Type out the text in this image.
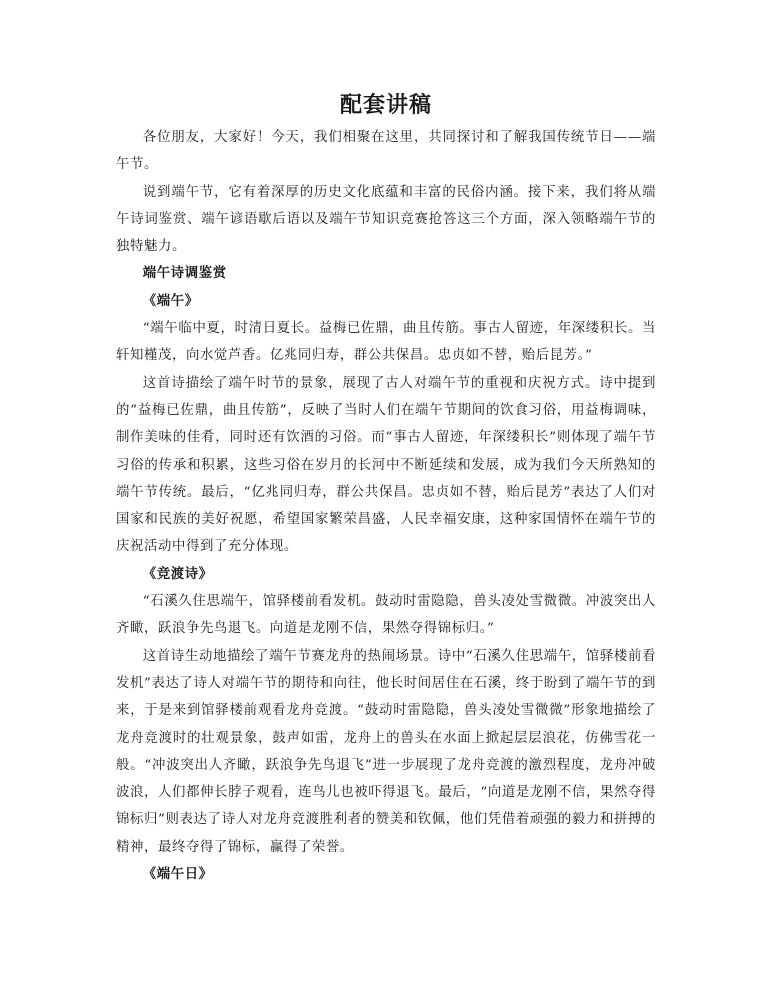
配套讲稿

各位朋友，大家好！今天，我们相聚在这里，共同探讨和了解我国传统节日——端午节。

说到端午节，它有着深厚的历史文化底蕴和丰富的民俗内涵。接下来，我们将从端午诗词鉴赏、端午谚语歇后语以及端午节知识竞赛抢答这三个方面，深入领略端午节的独特魅力。

端午诗调鉴赏

《端午》

“端午临中夏，时清日夏长。益梅已佐鼎，曲且传筋。事古人留迹，年深缕积长。当轩知槿茂，向水觉芦香。亿兆同归寿，群公共保昌。忠贞如不替，贻后昆芳。”

这首诗描绘了端午时节的景象，展现了古人对端午节的重视和庆祝方式。诗中提到的“益梅已佐鼎，曲且传筋”，反映了当时人们在端午节期间的饮食习俗，用益梅调味，制作美味的佳肴，同时还有饮酒的习俗。而“事古人留迹，年深缕积长”则体现了端午节习俗的传承和积累，这些习俗在岁月的长河中不断延续和发展，成为我们今天所熟知的端午节传统。最后，“亿兆同归寿，群公共保昌。忠贞如不替，贻后昆芳”表达了人们对国家和民族的美好祝愿，希望国家繁荣昌盛，人民幸福安康，这种家国情怀在端午节的庆祝活动中得到了充分体现。

《竞渡诗》

“石溪久住思端午，馆驿楼前看发机。鼓动时雷隐隐，兽头凌处雪微微。冲波突出人齐瞰，跃浪争先鸟退飞。向道是龙刚不信，果然夺得锦标归。”

这首诗生动地描绘了端午节赛龙舟的热闹场景。诗中“石溪久住思端午，馆驿楼前看发机”表达了诗人对端午节的期待和向往，他长时间居住在石溪，终于盼到了端午节的到来，于是来到馆驿楼前观看龙舟竞渡。“鼓动时雷隐隐，兽头凌处雪微微”形象地描绘了龙舟竞渡时的壮观景象，鼓声如雷，龙舟上的兽头在水面上掀起层层浪花，仿佛雪花一般。“冲波突出人齐瞰，跃浪争先鸟退飞”进一步展现了龙舟竞渡的激烈程度，龙舟冲破波浪，人们都伸长脖子观看，连鸟儿也被吓得退飞。最后，“向道是龙刚不信，果然夺得锦标归”则表达了诗人对龙舟竞渡胜利者的赞美和钦佩，他们凭借着顽强的毅力和拼搏的精神，最终夺得了锦标，赢得了荣誉。

《端午日》
